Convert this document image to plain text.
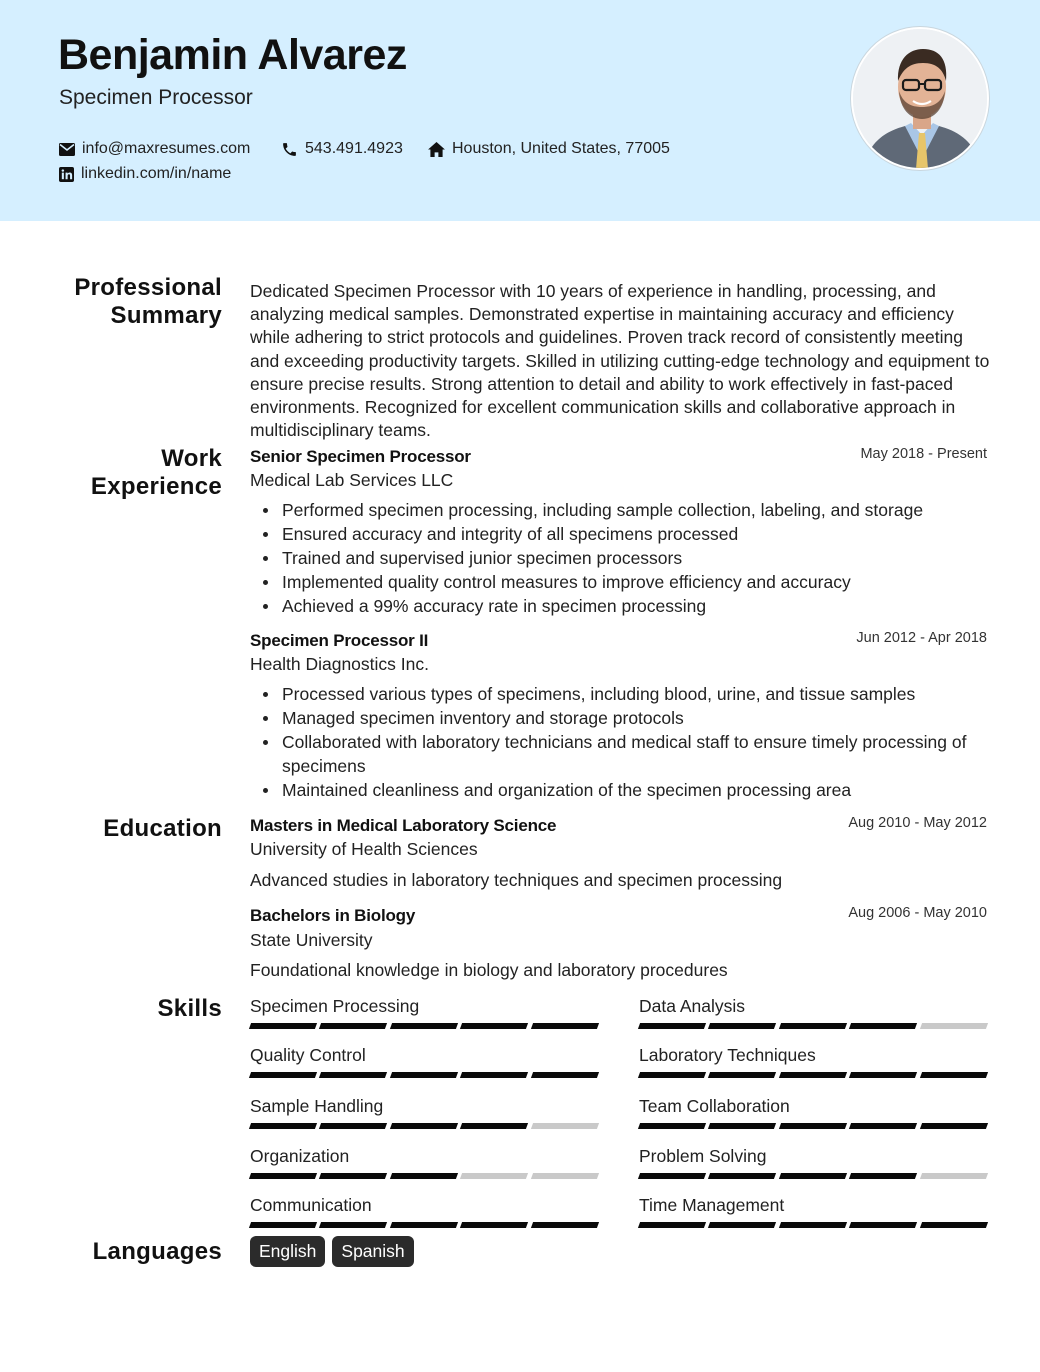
Benjamin Alvarez
Specimen Processor
info@maxresumes.com	543.491.4923	Houston, United States, 77005
linkedin.com/in/name
Professional
Summary
Dedicated Specimen Processor with 10 years of experience in handling, processing, and analyzing medical samples. Demonstrated expertise in maintaining accuracy and efficiency while adhering to strict protocols and guidelines. Proven track record of consistently meeting and exceeding productivity targets. Skilled in utilizing cutting-edge technology and equipment to ensure precise results. Strong attention to detail and ability to work effectively in fast-paced environments. Recognized for excellent communication skills and collaborative approach in multidisciplinary teams.
Work
Experience
Senior Specimen Processor	May 2018 - Present
Medical Lab Services LLC
Performed specimen processing, including sample collection, labeling, and storage
Ensured accuracy and integrity of all specimens processed
Trained and supervised junior specimen processors
Implemented quality control measures to improve efficiency and accuracy
Achieved a 99% accuracy rate in specimen processing
Specimen Processor II	Jun 2012 - Apr 2018
Health Diagnostics Inc.
Processed various types of specimens, including blood, urine, and tissue samples
Managed specimen inventory and storage protocols
Collaborated with laboratory technicians and medical staff to ensure timely processing of specimens
Maintained cleanliness and organization of the specimen processing area
Education Masters in Medical Laboratory Science	Aug 2010 - May 2012
University of Health Sciences
Advanced studies in laboratory techniques and specimen processing
Bachelors in Biology	Aug 2006 - May 2010
State University
Foundational knowledge in biology and laboratory procedures
Skills Specimen Processing	Data Analysis
Quality Control	Laboratory Techniques
Sample Handling	Team Collaboration
Organization	Problem Solving
Communication	Time Management
Languages	English	Spanish
